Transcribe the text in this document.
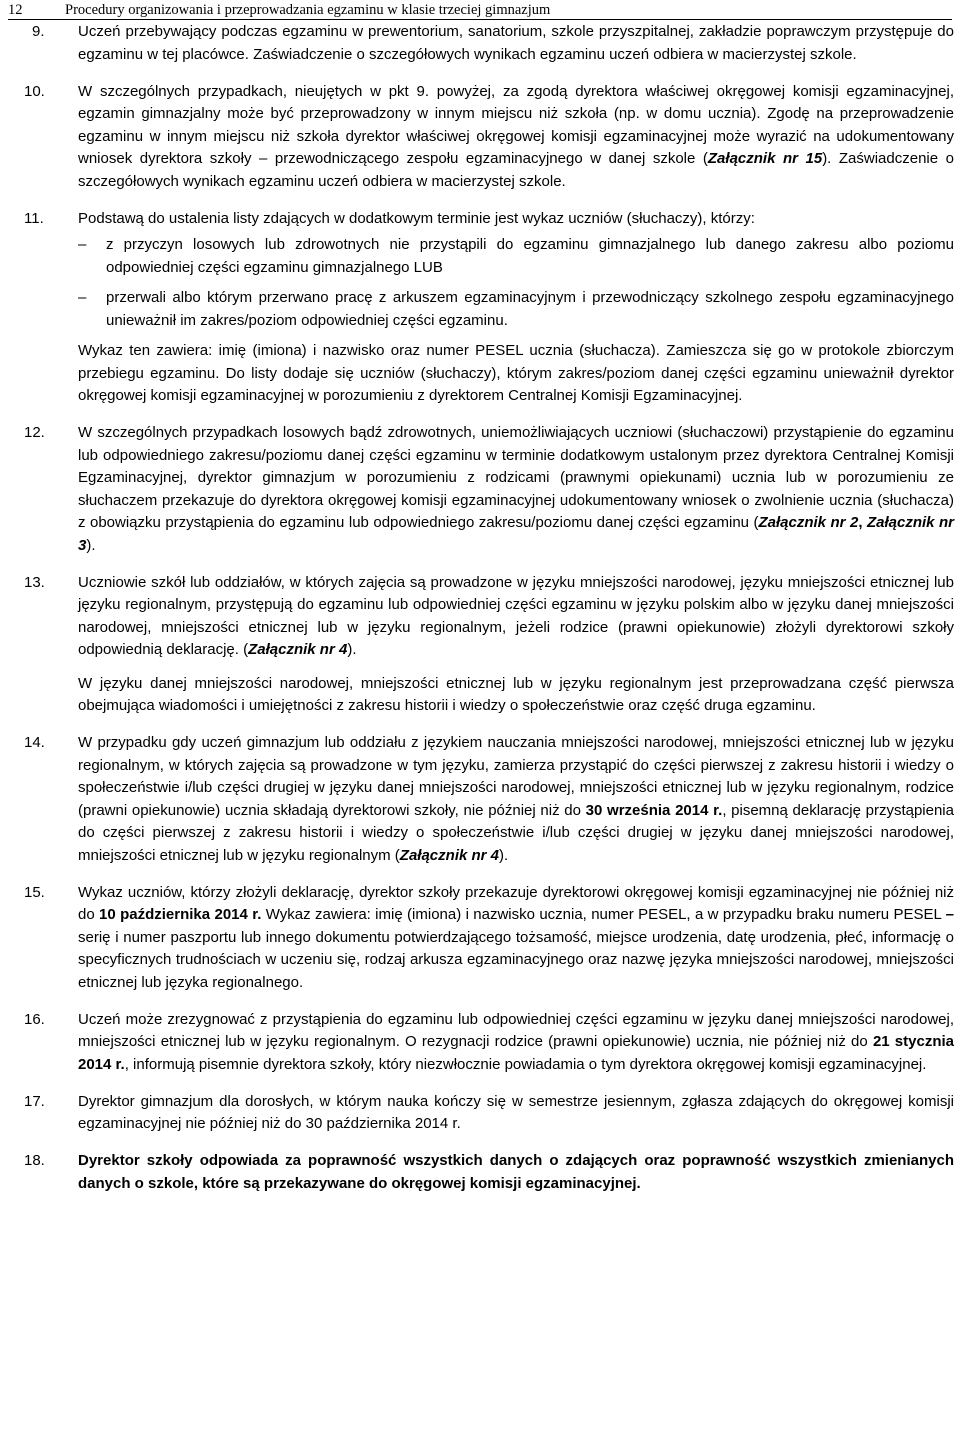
12	Procedury organizowania i przeprowadzania egzaminu w klasie trzeciej gimnazjum
9. Uczeń przebywający podczas egzaminu w prewentorium, sanatorium, szkole przyszpitalnej, zakładzie poprawczym przystępuje do egzaminu w tej placówce. Zaświadczenie o szczegółowych wynikach egzaminu uczeń odbiera w macierzystej szkole.

10. W szczególnych przypadkach, nieujętych w pkt 9. powyżej, za zgodą dyrektora właściwej okręgowej komisji egzaminacyjnej, egzamin gimnazjalny może być przeprowadzony w innym miejscu niż szkoła (np. w domu ucznia). Zgodę na przeprowadzenie egzaminu w innym miejscu niż szkoła dyrektor właściwej okręgowej komisji egzaminacyjnej może wyrazić na udokumentowany wniosek dyrektora szkoły – przewodniczącego zespołu egzaminacyjnego w danej szkole (Załącznik nr 15). Zaświadczenie o szczegółowych wynikach egzaminu uczeń odbiera w macierzystej szkole.

11. Podstawą do ustalenia listy zdających w dodatkowym terminie jest wykaz uczniów (słuchaczy), którzy:

– z przyczyn losowych lub zdrowotnych nie przystąpili do egzaminu gimnazjalnego lub danego zakresu albo poziomu odpowiedniej części egzaminu gimnazjalnego LUB
– przerwali albo którym przerwano pracę z arkuszem egzaminacyjnym i przewodniczący szkolnego zespołu egzaminacyjnego unieważnił im zakres/poziom odpowiedniej części egzaminu.

Wykaz ten zawiera: imię (imiona) i nazwisko oraz numer PESEL ucznia (słuchacza). Zamieszcza się go w protokole zbiorczym przebiegu egzaminu. Do listy dodaje się uczniów (słuchaczy), którym zakres/poziom danej części egzaminu unieważnił dyrektor okręgowej komisji egzaminacyjnej w porozumieniu z dyrektorem Centralnej Komisji Egzaminacyjnej.

12. W szczególnych przypadkach losowych bądź zdrowotnych, uniemożliwiających uczniowi (słuchaczowi) przystąpienie do egzaminu lub odpowiedniego zakresu/poziomu danej części egzaminu w terminie dodatkowym ustalonym przez dyrektora Centralnej Komisji Egzaminacyjnej, dyrektor gimnazjum w porozumieniu z rodzicami (prawnymi opiekunami) ucznia lub w porozumieniu ze słuchaczem przekazuje do dyrektora okręgowej komisji egzaminacyjnej udokumentowany wniosek o zwolnienie ucznia (słuchacza) z obowiązku przystąpienia do egzaminu lub odpowiedniego zakresu/poziomu danej części egzaminu (Załącznik nr 2, Załącznik nr 3).

13. Uczniowie szkół lub oddziałów, w których zajęcia są prowadzone w języku mniejszości narodowej, języku mniejszości etnicznej lub języku regionalnym, przystępują do egzaminu lub odpowiedniej części egzaminu w języku polskim albo w języku danej mniejszości narodowej, mniejszości etnicznej lub w języku regionalnym, jeżeli rodzice (prawni opiekunowie) złożyli dyrektorowi szkoły odpowiednią deklarację. (Załącznik nr 4).

W języku danej mniejszości narodowej, mniejszości etnicznej lub w języku regionalnym jest przeprowadzana część pierwsza obejmująca wiadomości i umiejętności z zakresu historii i wiedzy o społeczeństwie oraz część druga egzaminu.

14. W przypadku gdy uczeń gimnazjum lub oddziału z językiem nauczania mniejszości narodowej, mniejszości etnicznej lub w języku regionalnym, w których zajęcia są prowadzone w tym języku, zamierza przystąpić do części pierwszej z zakresu historii i wiedzy o społeczeństwie i/lub części drugiej w języku danej mniejszości narodowej, mniejszości etnicznej lub w języku regionalnym, rodzice (prawni opiekunowie) ucznia składają dyrektorowi szkoły, nie później niż do 30 września 2014 r., pisemną deklarację przystąpienia do części pierwszej z zakresu historii i wiedzy o społeczeństwie i/lub części drugiej w języku danej mniejszości narodowej, mniejszości etnicznej lub w języku regionalnym (Załącznik nr 4).

15. Wykaz uczniów, którzy złożyli deklarację, dyrektor szkoły przekazuje dyrektorowi okręgowej komisji egzaminacyjnej nie później niż do 10 października 2014 r. Wykaz zawiera: imię (imiona) i nazwisko ucznia, numer PESEL, a w przypadku braku numeru PESEL – serię i numer paszportu lub innego dokumentu potwierdzającego tożsamość, miejsce urodzenia, datę urodzenia, płeć, informację o specyficznych trudnościach w uczeniu się, rodzaj arkusza egzaminacyjnego oraz nazwę języka mniejszości narodowej, mniejszości etnicznej lub języka regionalnego.

16. Uczeń może zrezygnować z przystąpienia do egzaminu lub odpowiedniej części egzaminu w języku danej mniejszości narodowej, mniejszości etnicznej lub w języku regionalnym. O rezygnacji rodzice (prawni opiekunowie) ucznia, nie później niż do 21 stycznia 2014 r., informują pisemnie dyrektora szkoły, który niezwłocznie powiadamia o tym dyrektora okręgowej komisji egzaminacyjnej.

17. Dyrektor gimnazjum dla dorosłych, w którym nauka kończy się w semestrze jesiennym, zgłasza zdających do okręgowej komisji egzaminacyjnej nie później niż do 30 października 2014 r.

18. Dyrektor szkoły odpowiada za poprawność wszystkich danych o zdających oraz poprawność wszystkich zmienianych danych o szkole, które są przekazywane do okręgowej komisji egzaminacyjnej.
